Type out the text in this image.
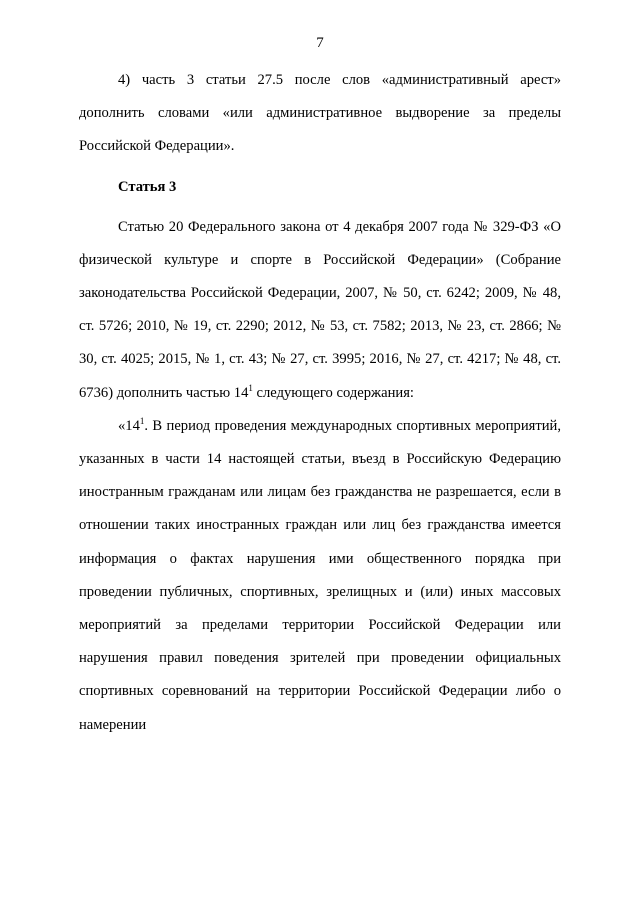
7

4) часть 3 статьи 27.5 после слов «административный арест» дополнить словами «или административное выдворение за пределы Российской Федерации».

Статья 3

Статью 20 Федерального закона от 4 декабря 2007 года № 329-ФЗ «О физической культуре и спорте в Российской Федерации» (Собрание законодательства Российской Федерации, 2007, № 50, ст. 6242; 2009, № 48, ст. 5726; 2010, № 19, ст. 2290; 2012, № 53, ст. 7582; 2013, № 23, ст. 2866; № 30, ст. 4025; 2015, № 1, ст. 43; № 27, ст. 3995; 2016, № 27, ст. 4217; № 48, ст. 6736) дополнить частью $14^1$ следующего содержания:

«$14^1$. В период проведения международных спортивных мероприятий, указанных в части 14 настоящей статьи, въезд в Российскую Федерацию иностранным гражданам или лицам без гражданства не разрешается, если в отношении таких иностранных граждан или лиц без гражданства имеется информация о фактах нарушения ими общественного порядка при проведении публичных, спортивных, зрелищных и (или) иных массовых мероприятий за пределами территории Российской Федерации или нарушения правил поведения зрителей при проведении официальных спортивных соревнований на территории Российской Федерации либо о намерении
